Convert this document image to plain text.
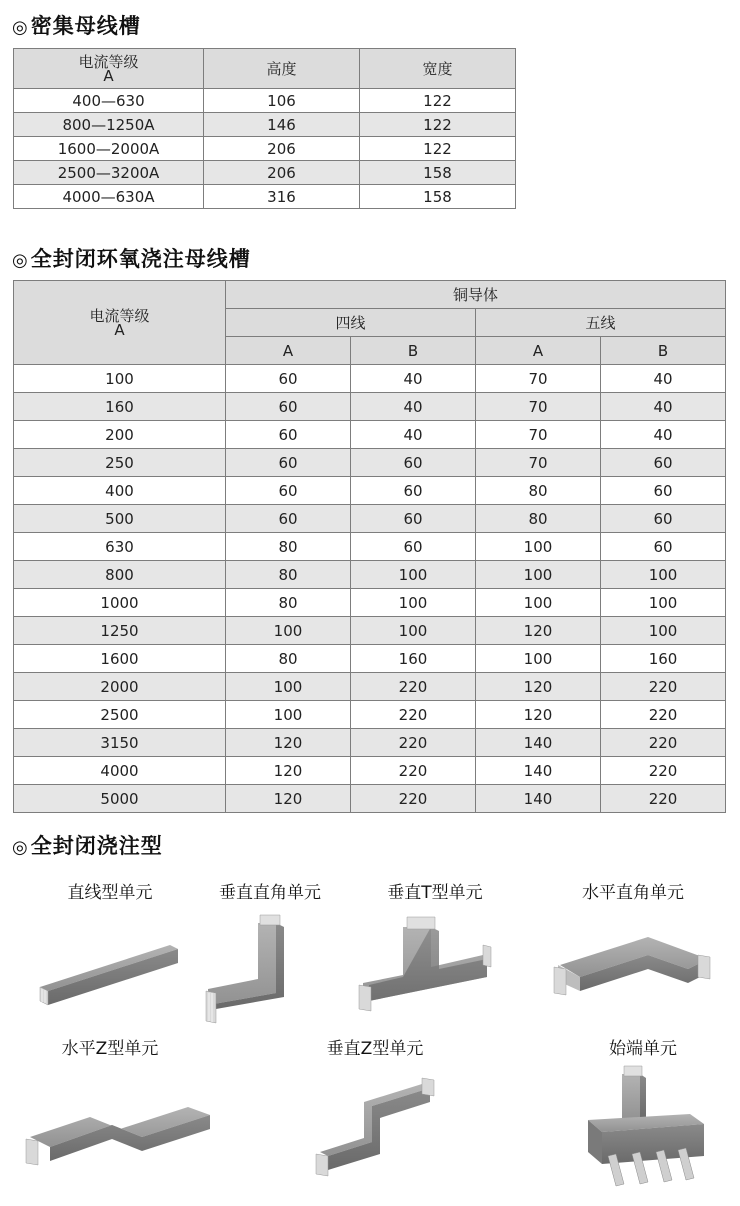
◎密集母线槽
电流等级
A	高度	宽度
400—630	106	122
800—1250A	146	122
1600—2000A	206	122
2500—3200A	206	158
4000—630A	316	158
◎全封闭环氧浇注母线槽
电流等级
A	铜导体			
	四线		五线	
	A	B	A	B
100	60	40	70	40
160	60	40	70	40
200	60	40	70	40
250	60	60	70	60
400	60	60	80	60
500	60	60	80	60
630	80	60	100	60
800	80	100	100	100
1000	80	100	100	100
1250	100	100	120	100
1600	80	160	100	160
2000	100	220	120	220
2500	100	220	120	220
3150	120	220	140	220
4000	120	220	140	220
5000	120	220	140	220
◎全封闭浇注型
直线型单元	垂直直角单元	垂直T型单元	水平直角单元
水平Z型单元	垂直Z型单元	始端单元
